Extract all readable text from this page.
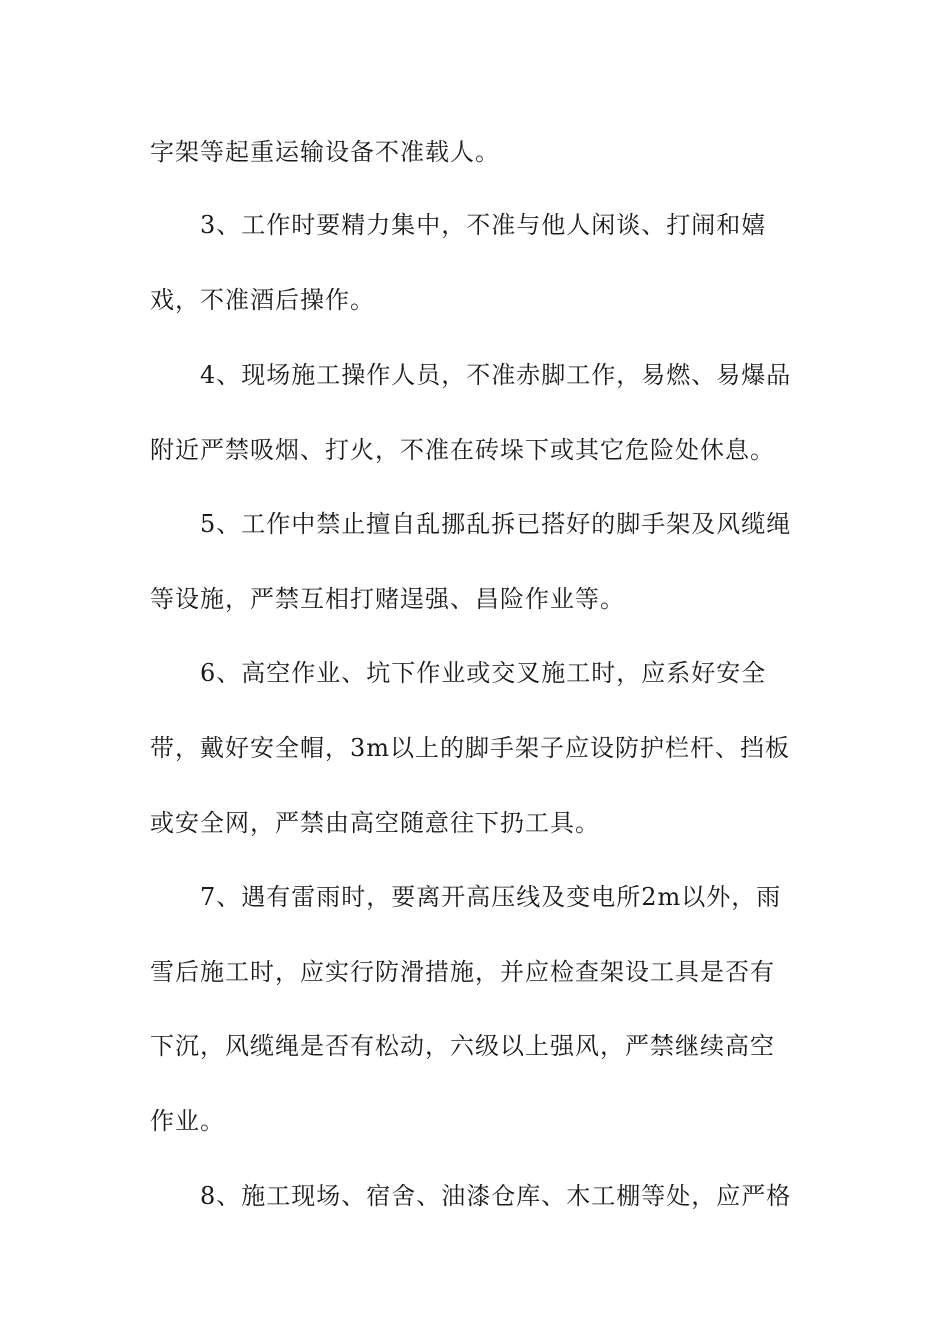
字架等起重运输设备不准载人。

3、工作时要精力集中，不准与他人闲谈、打闹和嬉

戏，不准酒后操作。

4、现场施工操作人员，不准赤脚工作，易燃、易爆品

附近严禁吸烟、打火，不准在砖垛下或其它危险处休息。

5、工作中禁止擅自乱挪乱拆已搭好的脚手架及风缆绳

等设施，严禁互相打赌逞强、昌险作业等。

6、高空作业、坑下作业或交叉施工时，应系好安全

带，戴好安全帽，3m以上的脚手架子应设防护栏杆、挡板

或安全网，严禁由高空随意往下扔工具。

7、遇有雷雨时，要离开高压线及变电所2m以外，雨

雪后施工时，应实行防滑措施，并应检查架设工具是否有

下沉，风缆绳是否有松动，六级以上强风，严禁继续高空

作业。

8、施工现场、宿舍、油漆仓库、木工棚等处，应严格
